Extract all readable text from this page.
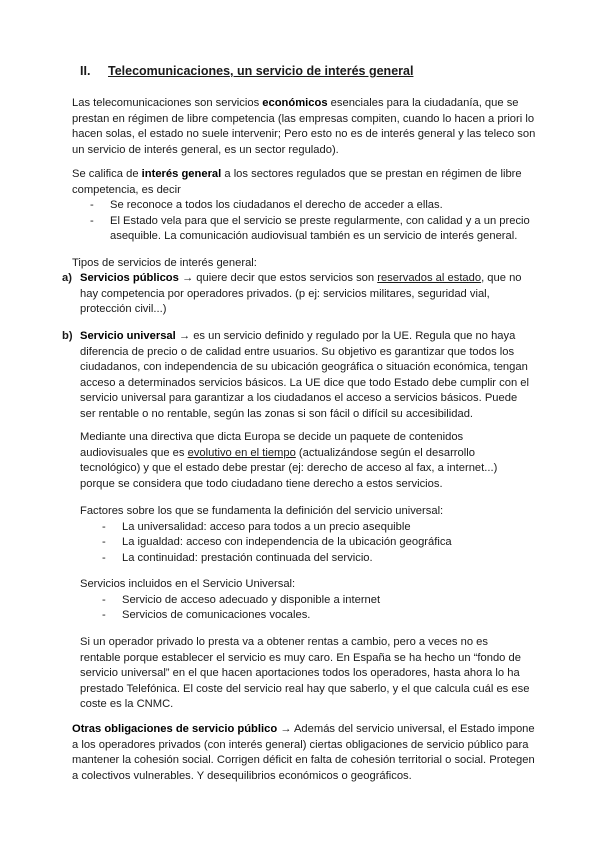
II. Telecomunicaciones, un servicio de interés general

Las telecomunicaciones son servicios económicos esenciales para la ciudadanía, que se prestan en régimen de libre competencia (las empresas compiten, cuando lo hacen a priori lo hacen solas, el estado no suele intervenir; Pero esto no es de interés general y las teleco son un servicio de interés general, es un sector regulado).

Se califica de interés general a los sectores regulados que se prestan en régimen de libre competencia, es decir

- Se reconoce a todos los ciudadanos el derecho de acceder a ellas.
- El Estado vela para que el servicio se preste regularmente, con calidad y a un precio asequible. La comunicación audiovisual también es un servicio de interés general.

Tipos de servicios de interés general:

a) Servicios públicos → quiere decir que estos servicios son reservados al estado, que no hay competencia por operadores privados. (p ej: servicios militares, seguridad vial, protección civil...)

b) Servicio universal → es un servicio definido y regulado por la UE. Regula que no haya diferencia de precio o de calidad entre usuarios. Su objetivo es garantizar que todos los ciudadanos, con independencia de su ubicación geográfica o situación económica, tengan acceso a determinados servicios básicos. La UE dice que todo Estado debe cumplir con el servicio universal para garantizar a los ciudadanos el acceso a servicios básicos. Puede ser rentable o no rentable, según las zonas si son fácil o difícil su accesibilidad.

Mediante una directiva que dicta Europa se decide un paquete de contenidos audiovisuales que es evolutivo en el tiempo (actualizándose según el desarrollo tecnológico) y que el estado debe prestar (ej: derecho de acceso al fax, a internet...) porque se considera que todo ciudadano tiene derecho a estos servicios.

Factores sobre los que se fundamenta la definición del servicio universal:

- La universalidad: acceso para todos a un precio asequible
- La igualdad: acceso con independencia de la ubicación geográfica
- La continuidad: prestación continuada del servicio.

Servicios incluidos en el Servicio Universal:

- Servicio de acceso adecuado y disponible a internet
- Servicios de comunicaciones vocales.

Si un operador privado lo presta va a obtener rentas a cambio, pero a veces no es rentable porque establecer el servicio es muy caro. En España se ha hecho un “fondo de servicio universal” en el que hacen aportaciones todos los operadores, hasta ahora lo ha prestado Telefónica. El coste del servicio real hay que saberlo, y el que calcula cuál es ese coste es la CNMC.

Otras obligaciones de servicio público → Además del servicio universal, el Estado impone a los operadores privados (con interés general) ciertas obligaciones de servicio público para mantener la cohesión social. Corrigen déficit en falta de cohesión territorial o social. Protegen a colectivos vulnerables. Y desequilibrios económicos o geográficos.
